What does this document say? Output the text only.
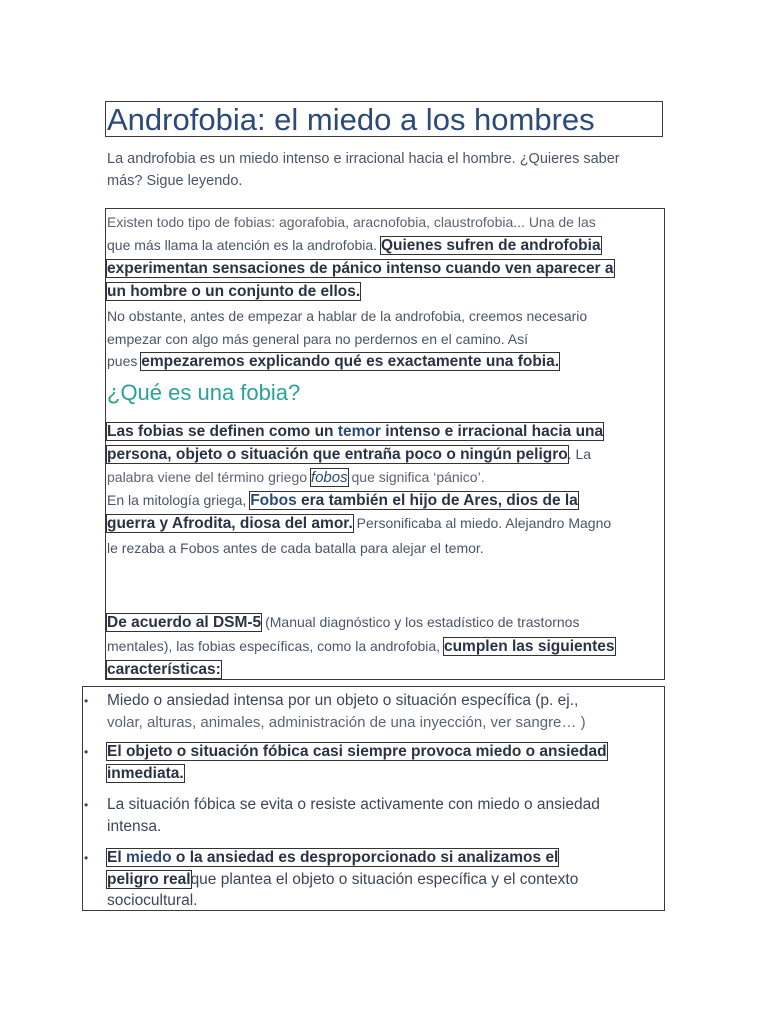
Androfobia: el miedo a los hombres
La androfobia es un miedo intenso e irracional hacia el hombre. ¿Quieres saber
más? Sigue leyendo.
Existen todo tipo de fobias: agorafobia, aracnofobia, claustrofobia... Una de las
que más llama la atención es la androfobia. Quienes sufren de androfobia
experimentan sensaciones de pánico intenso cuando ven aparecer a
un hombre o un conjunto de ellos.
No obstante, antes de empezar a hablar de la androfobia, creemos necesario
empezar con algo más general para no perdernos en el camino. Así
pues empezaremos explicando qué es exactamente una fobia.
¿Qué es una fobia?
Las fobias se definen como un temor intenso e irracional hacia una
persona, objeto o situación que entraña poco o ningún peligro. La
palabra viene del término griego fobos que significa ‘pánico’.
En la mitología griega, Fobos era también el hijo de Ares, dios de la
guerra y Afrodita, diosa del amor. Personificaba al miedo. Alejandro Magno
le rezaba a Fobos antes de cada batalla para alejar el temor.
De acuerdo al DSM-5 (Manual diagnóstico y los estadístico de trastornos
mentales), las fobias específicas, como la androfobia, cumplen las siguientes
características:
• Miedo o ansiedad intensa por un objeto o situación específica (p. ej.,
volar, alturas, animales, administración de una inyección, ver sangre… )
• El objeto o situación fóbica casi siempre provoca miedo o ansiedad
inmediata.
• La situación fóbica se evita o resiste activamente con miedo o ansiedad
intensa.
• El miedo o la ansiedad es desproporcionado si analizamos el
peligro realque plantea el objeto o situación específica y el contexto
sociocultural.
